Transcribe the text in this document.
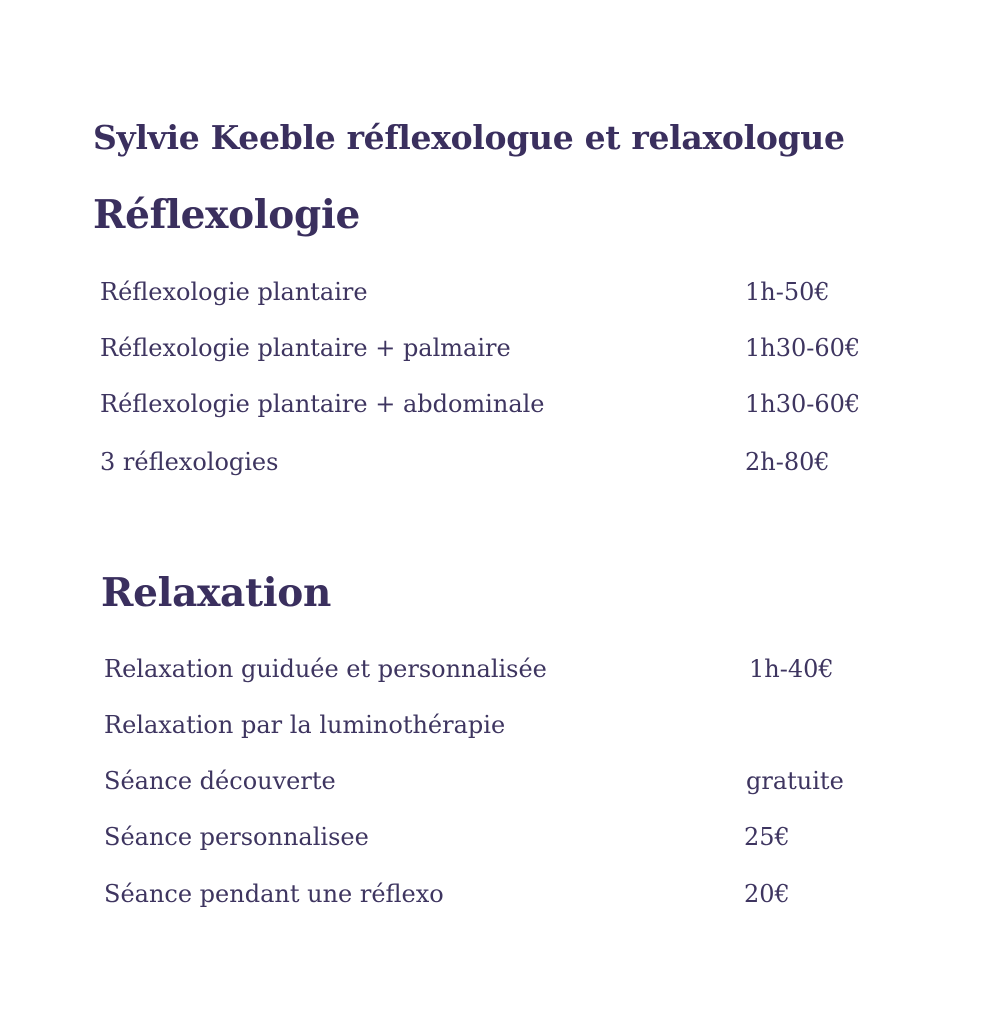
Sylvie Keeble réflexologue et relaxologue
Réflexologie
Réflexologie plantaire	1h-50€
Réflexologie plantaire + palmaire	1h30-60€
Réflexologie plantaire + abdominale	1h30-60€
3 réflexologies	2h-80€
Relaxation
Relaxation guiduée et personnalisée	1h-40€
Relaxation par la luminothérapie
Séance découverte	gratuite
Séance personnalisee	25€
Séance pendant une réflexo	20€
